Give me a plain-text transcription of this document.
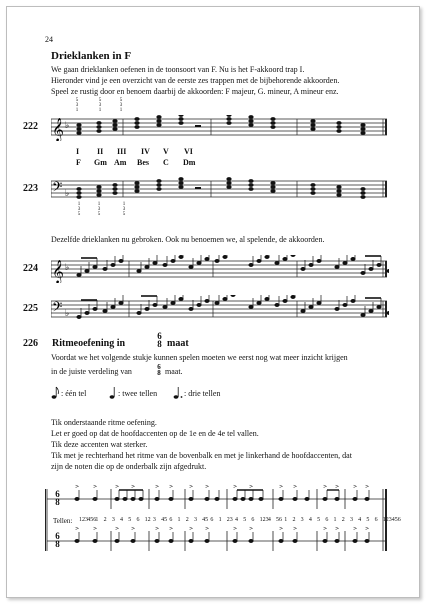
24
Drieklanken in F
We gaan drieklanken oefenen in de toonsoort van F. Nu is het F-akkoord trap I.
Hieronder vind je een overzicht van de eerste zes trappen met de bijbehorende akkoorden.
Speel ze rustig door en benoem daarbij de akkoorden: F majeur, G. mineur, A mineur enz.
5
3
1
5
3
1
5
3
1
222 𝄞 ♭
I II III IV V VI
F Gm Am Bes C Dm
223 𝄢 ♭
1
3
5
1
3
5
1
3
5
Dezelfde drieklanken nu gebroken. Ook nu benoemen we, al spelende, de akkoorden.
224 𝄞 ♭
225 𝄢 ♭
226 Ritmeoefening in
6
8 maat
Voordat we het volgende stukje kunnen spelen moeten we eerst nog wat meer inzicht krijgen
in de juiste verdeling van	6
8 maat.
: één tel	: twee tellen	: drie tellen
Tik onderstaande ritme oefening.
Let er goed op dat de hoofdaccenten op de 1e en de 4e tel vallen.
Tik deze accenten wat sterker.
Tik met je rechterhand het ritme van de bovenbalk en met je linkerhand de hoofdaccenten, dat
zijn de noten die op de onderbalk zijn afgedrukt.
>
>
>
>
>
>
>
>
>
>
>
>
>
>
>
>
>
>
>
>
>
>
>
>
>
>
>
>
>
>
>
>
6
8
6
8
Tellen: 123 456 1 2 3 4 5 6 12 3 45 6 1 2 3 45 6 1 23 4 5 6 123 4 56 1 2 3 4 5 6 1 2 3 4 5 6 123456
